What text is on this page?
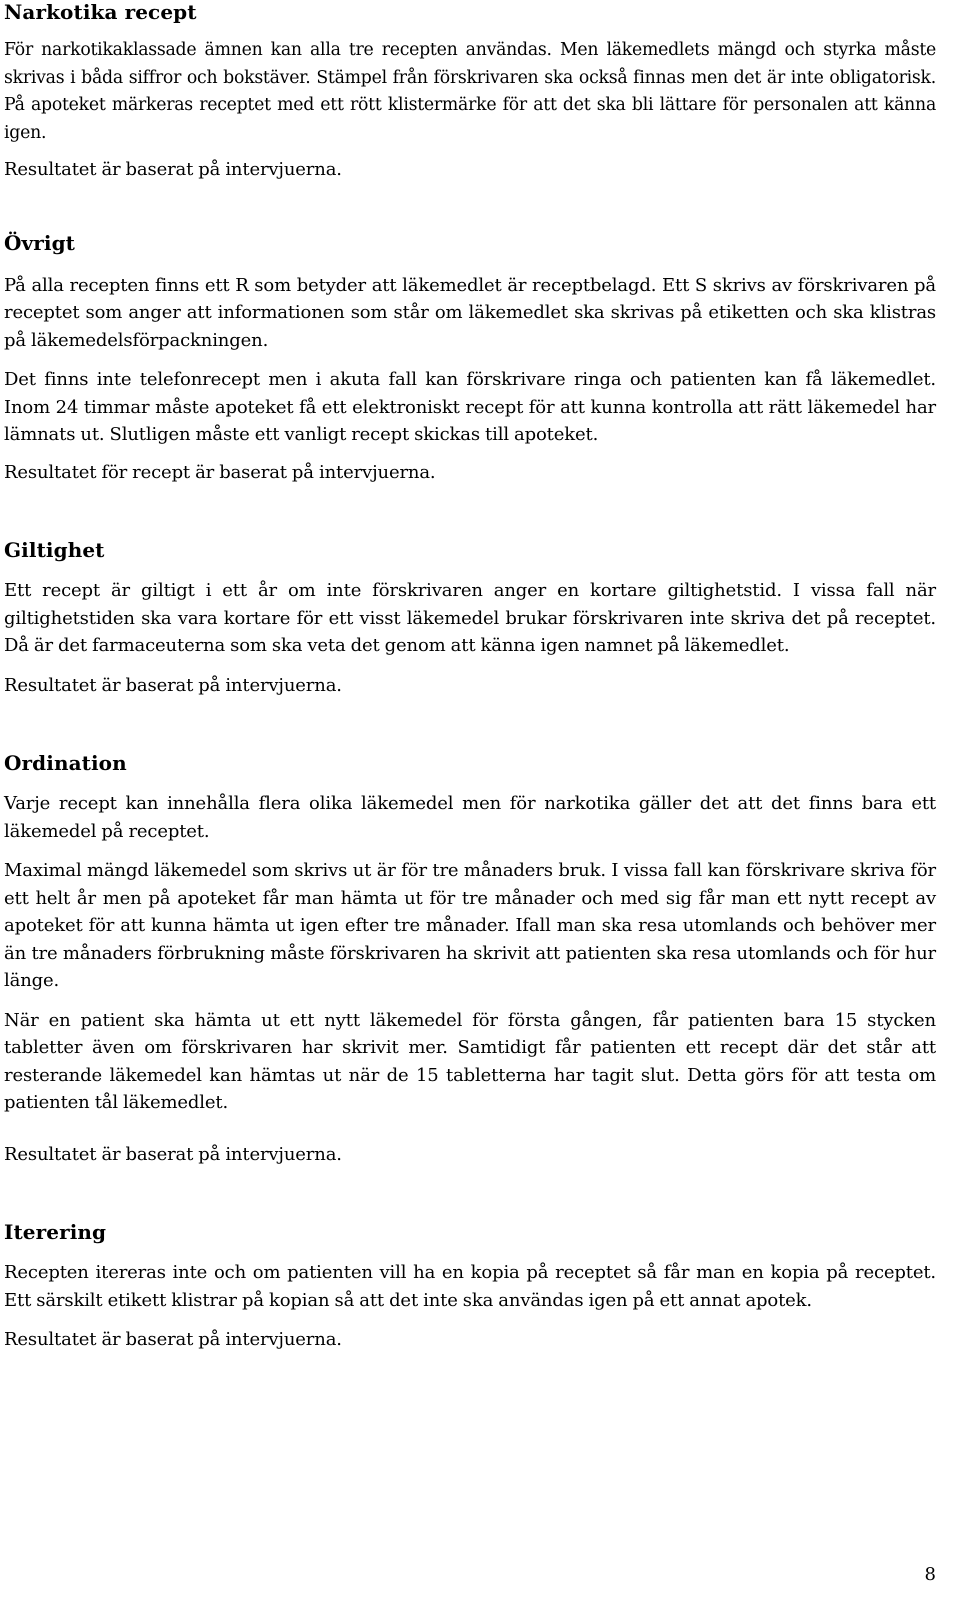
Narkotika recept

För narkotikaklassade ämnen kan alla tre recepten användas. Men läkemedlets mängd och styrka måste skrivas i båda siffror och bokstäver. Stämpel från förskrivaren ska också finnas men det är inte obligatorisk. På apoteket märkeras receptet med ett rött klistermärke för att det ska bli lättare för personalen att känna igen.

Resultatet är baserat på intervjuerna.

Övrigt

På alla recepten finns ett R som betyder att läkemedlet är receptbelagd. Ett S skrivs av förskrivaren på receptet som anger att informationen som står om läkemedlet ska skrivas på etiketten och ska klistras på läkemedelsförpackningen.

Det finns inte telefonrecept men i akuta fall kan förskrivare ringa och patienten kan få läkemedlet. Inom 24 timmar måste apoteket få ett elektroniskt recept för att kunna kontrolla att rätt läkemedel har lämnats ut. Slutligen måste ett vanligt recept skickas till apoteket.

Resultatet för recept är baserat på intervjuerna.

Giltighet

Ett recept är giltigt i ett år om inte förskrivaren anger en kortare giltighetstid. I vissa fall när giltighetstiden ska vara kortare för ett visst läkemedel brukar förskrivaren inte skriva det på receptet. Då är det farmaceuterna som ska veta det genom att känna igen namnet på läkemedlet.

Resultatet är baserat på intervjuerna.

Ordination

Varje recept kan innehålla flera olika läkemedel men för narkotika gäller det att det finns bara ett läkemedel på receptet.

Maximal mängd läkemedel som skrivs ut är för tre månaders bruk. I vissa fall kan förskrivare skriva för ett helt år men på apoteket får man hämta ut för tre månader och med sig får man ett nytt recept av apoteket för att kunna hämta ut igen efter tre månader. Ifall man ska resa utomlands och behöver mer än tre månaders förbrukning måste förskrivaren ha skrivit att patienten ska resa utomlands och för hur länge.

När en patient ska hämta ut ett nytt läkemedel för första gången, får patienten bara 15 stycken tabletter även om förskrivaren har skrivit mer. Samtidigt får patienten ett recept där det står att resterande läkemedel kan hämtas ut när de 15 tabletterna har tagit slut. Detta görs för att testa om patienten tål läkemedlet.

Resultatet är baserat på intervjuerna.

Iterering

Recepten itereras inte och om patienten vill ha en kopia på receptet så får man en kopia på receptet. Ett särskilt etikett klistrar på kopian så att det inte ska användas igen på ett annat apotek.

Resultatet är baserat på intervjuerna.

8
